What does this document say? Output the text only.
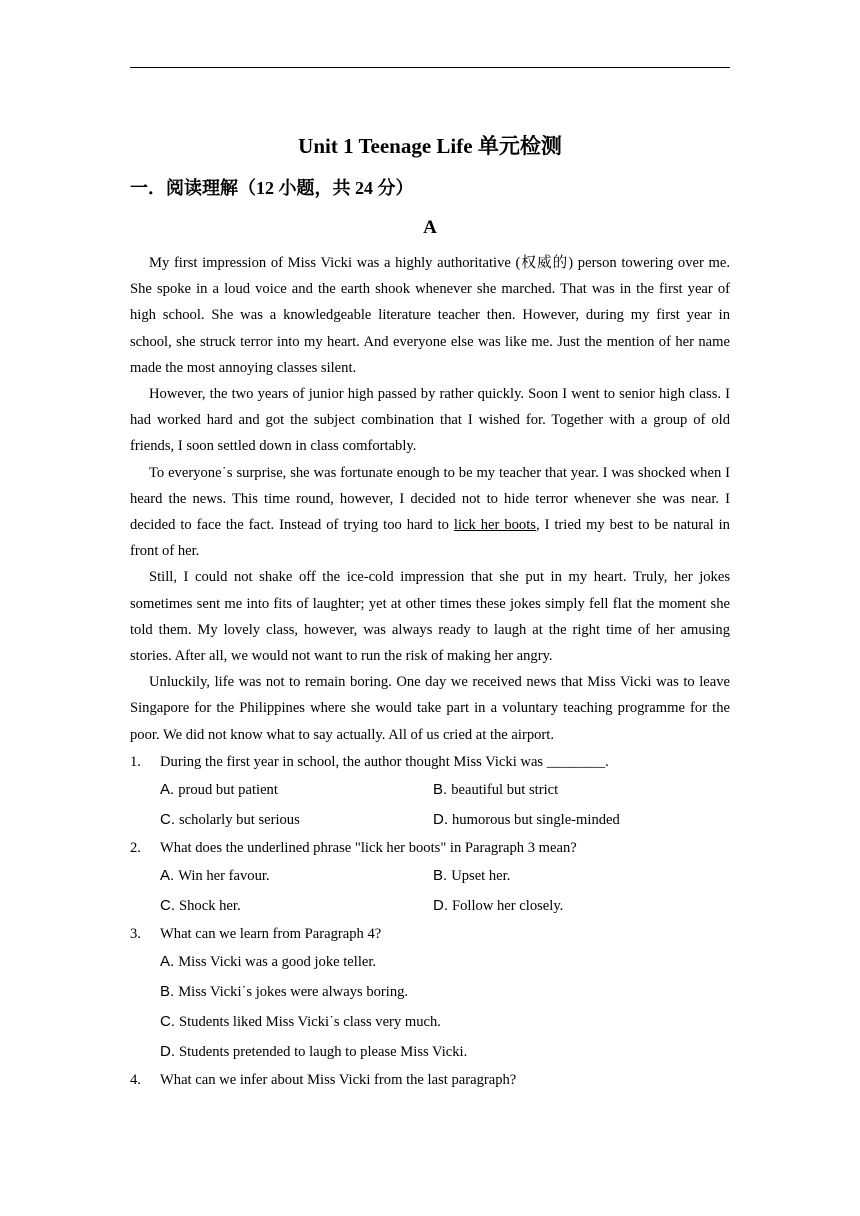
Unit 1 Teenage Life 单元检测
一．阅读理解（12 小题，共 24 分）
A

My first impression of Miss Vicki was a highly authoritative (权威的) person towering over me. She spoke in a loud voice and the earth shook whenever she marched. That was in the first year of high school. She was a knowledgeable literature teacher then. However, during my first year in school, she struck terror into my heart. And everyone else was like me. Just the mention of her name made the most annoying classes silent.

However, the two years of junior high passed by rather quickly. Soon I went to senior high class. I had worked hard and got the subject combination that I wished for. Together with a group of old friends, I soon settled down in class comfortably.

To everyone˙s surprise, she was fortunate enough to be my teacher that year. I was shocked when I heard the news. This time round, however, I decided not to hide terror whenever she was near. I decided to face the fact. Instead of trying too hard to lick her boots, I tried my best to be natural in front of her.

Still, I could not shake off the ice-cold impression that she put in my heart. Truly, her jokes sometimes sent me into fits of laughter; yet at other times these jokes simply fell flat the moment she told them. My lovely class, however, was always ready to laugh at the right time of her amusing stories. After all, we would not want to run the risk of making her angry.

Unluckily, life was not to remain boring. One day we received news that Miss Vicki was to leave Singapore for the Philippines where she would take part in a voluntary teaching programme for the poor. We did not know what to say actually. All of us cried at the airport.

1. During the first year in school, the author thought Miss Vicki was ________.
A. proud but patient	B. beautiful but strict
C. scholarly but serious	D. humorous but single-minded
2. What does the underlined phrase "lick her boots" in Paragraph 3 mean?
A. Win her favour.	B. Upset her.
C. Shock her.	D. Follow her closely.
3. What can we learn from Paragraph 4?
A. Miss Vicki was a good joke teller.
B. Miss Vicki˙s jokes were always boring.
C. Students liked Miss Vicki˙s class very much.
D. Students pretended to laugh to please Miss Vicki.
4. What can we infer about Miss Vicki from the last paragraph?
